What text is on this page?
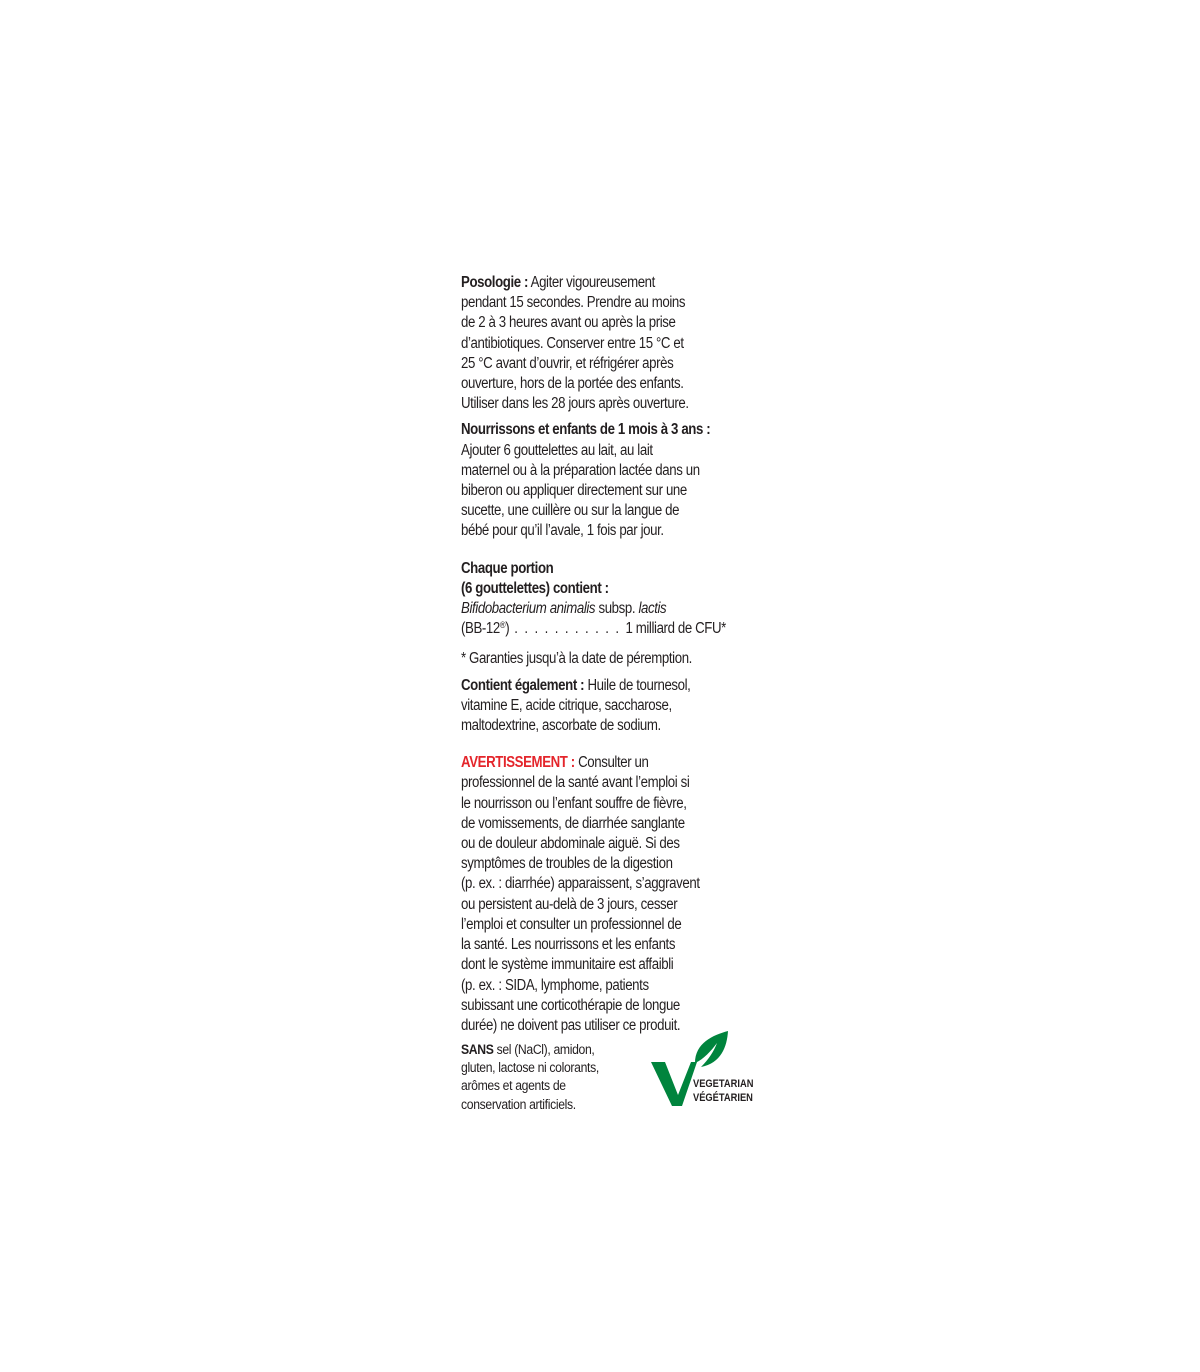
Posologie : Agiter vigoureusement
pendant 15 secondes. Prendre au moins
de 2 à 3 heures avant ou après la prise
d’antibiotiques. Conserver entre 15 °C et
25 °C avant d’ouvrir, et réfrigérer après
ouverture, hors de la portée des enfants.
Utiliser dans les 28 jours après ouverture.

Nourrissons et enfants de 1 mois à 3 ans :
Ajouter 6 gouttelettes au lait, au lait
maternel ou à la préparation lactée dans un
biberon ou appliquer directement sur une
sucette, une cuillère ou sur la langue de
bébé pour qu’il l’avale, 1 fois par jour.

Chaque portion
(6 gouttelettes) contient :
Bifidobacterium animalis subsp. lactis
(BB-12®) . . . . . . . . . . . 1 milliard de CFU*

* Garanties jusqu’à la date de péremption.

Contient également : Huile de tournesol,
vitamine E, acide citrique, saccharose,
maltodextrine, ascorbate de sodium.

AVERTISSEMENT : Consulter un
professionnel de la santé avant l’emploi si
le nourrisson ou l’enfant souffre de fièvre,
de vomissements, de diarrhée sanglante
ou de douleur abdominale aiguë. Si des
symptômes de troubles de la digestion
(p. ex. : diarrhée) apparaissent, s’aggravent
ou persistent au-delà de 3 jours, cesser
l’emploi et consulter un professionnel de
la santé. Les nourrissons et les enfants
dont le système immunitaire est affaibli
(p. ex. : SIDA, lymphome, patients
subissant une corticothérapie de longue
durée) ne doivent pas utiliser ce produit.

SANS sel (NaCl), amidon,
gluten, lactose ni colorants,
arômes et agents de
conservation artificiels.
VEGETARIAN
VÉGÉTARIEN
